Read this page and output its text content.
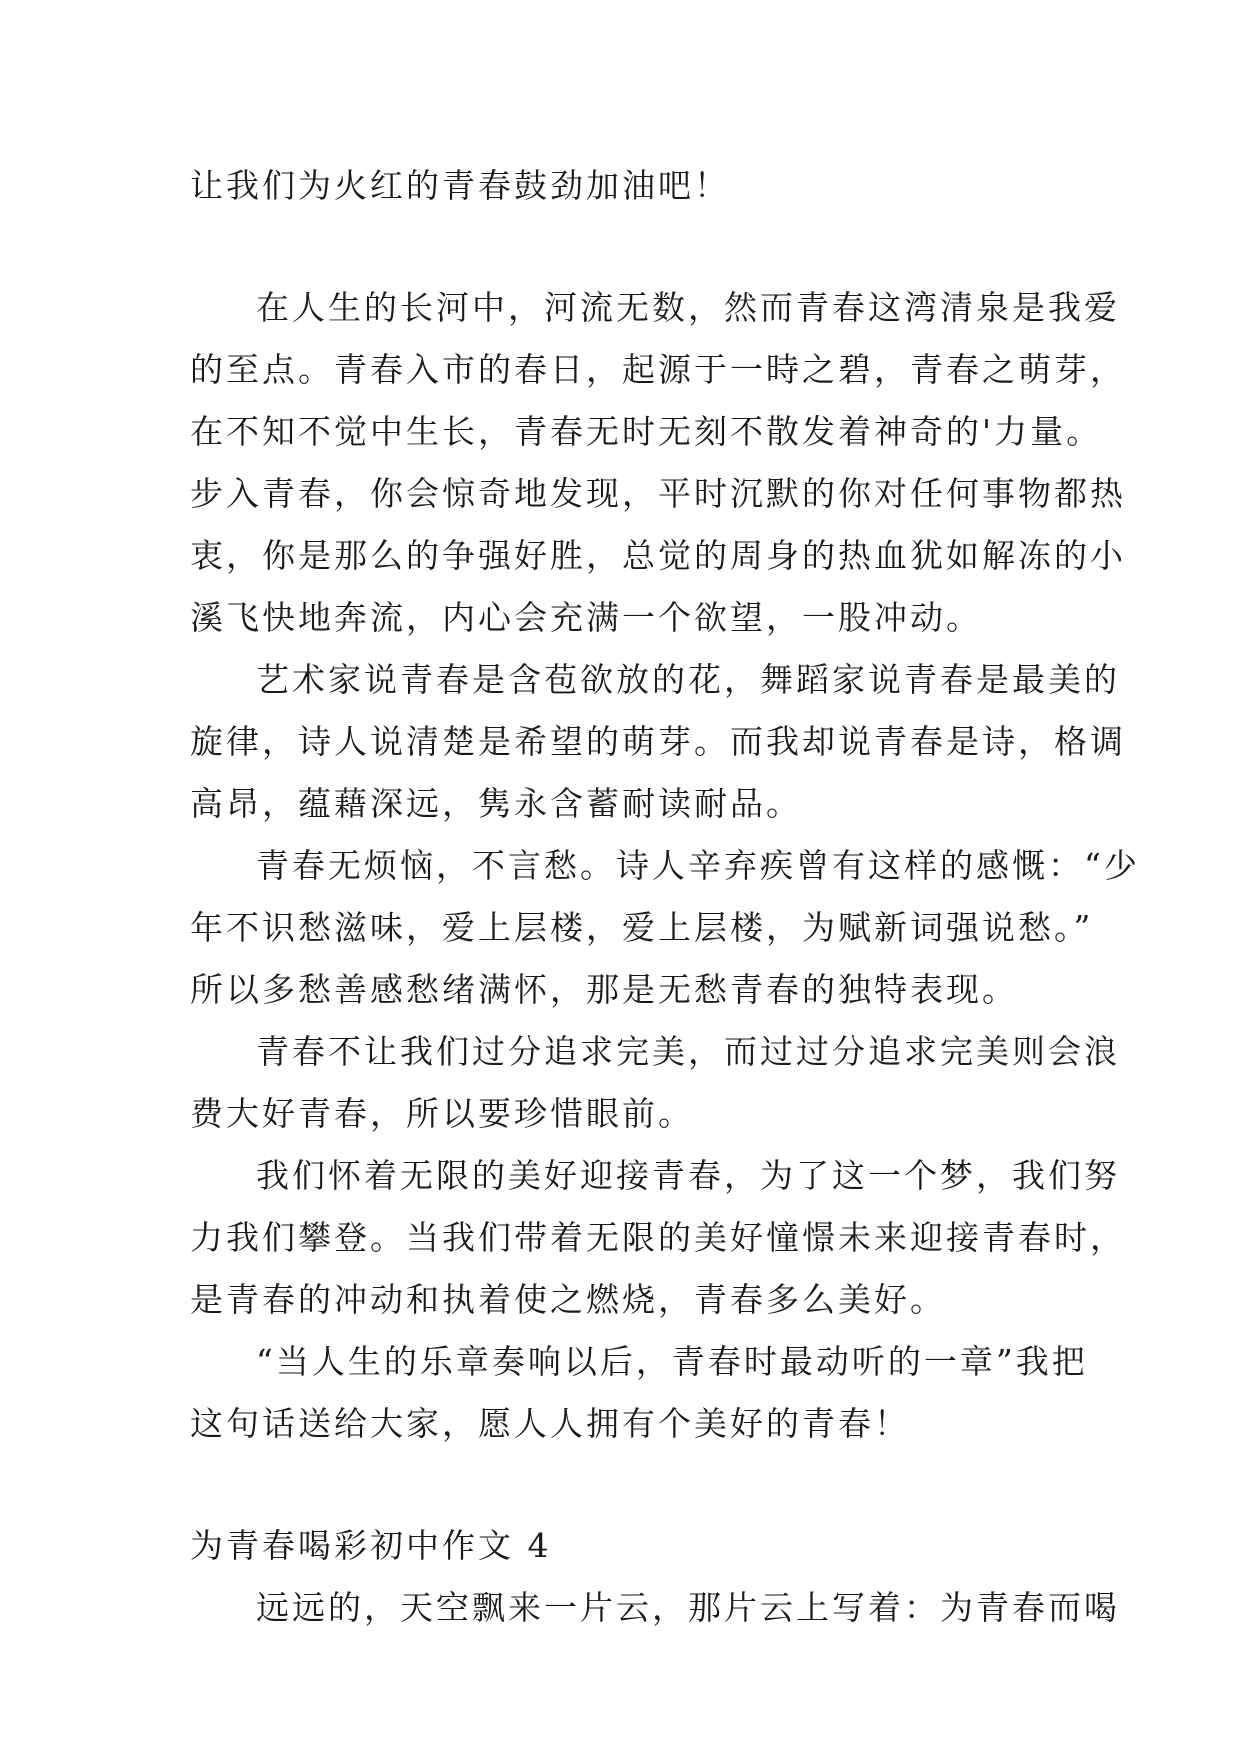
让我们为火红的青春鼓劲加油吧！
在人生的长河中，河流无数，然而青春这湾清泉是我爱
的至点。青春入市的春日，起源于一時之碧，青春之萌芽，
在不知不觉中生长，青春无时无刻不散发着神奇的'力量。
步入青春，你会惊奇地发现，平时沉默的你对任何事物都热
衷，你是那么的争强好胜，总觉的周身的热血犹如解冻的小
溪飞快地奔流，内心会充满一个欲望，一股冲动。
艺术家说青春是含苞欲放的花，舞蹈家说青春是最美的
旋律，诗人说清楚是希望的萌芽。而我却说青春是诗，格调
高昂，蕴藉深远，隽永含蓄耐读耐品。
青春无烦恼，不言愁。诗人辛弃疾曾有这样的感慨：“少
年不识愁滋味，爱上层楼，爱上层楼，为赋新词强说愁。”
所以多愁善感愁绪满怀，那是无愁青春的独特表现。
青春不让我们过分追求完美，而过过分追求完美则会浪
费大好青春，所以要珍惜眼前。
我们怀着无限的美好迎接青春，为了这一个梦，我们努
力我们攀登。当我们带着无限的美好憧憬未来迎接青春时，
是青春的冲动和执着使之燃烧，青春多么美好。
“当人生的乐章奏响以后，青春时最动听的一章”我把
这句话送给大家，愿人人拥有个美好的青春！
为青春喝彩初中作文 4
远远的，天空飘来一片云，那片云上写着：为青春而喝
